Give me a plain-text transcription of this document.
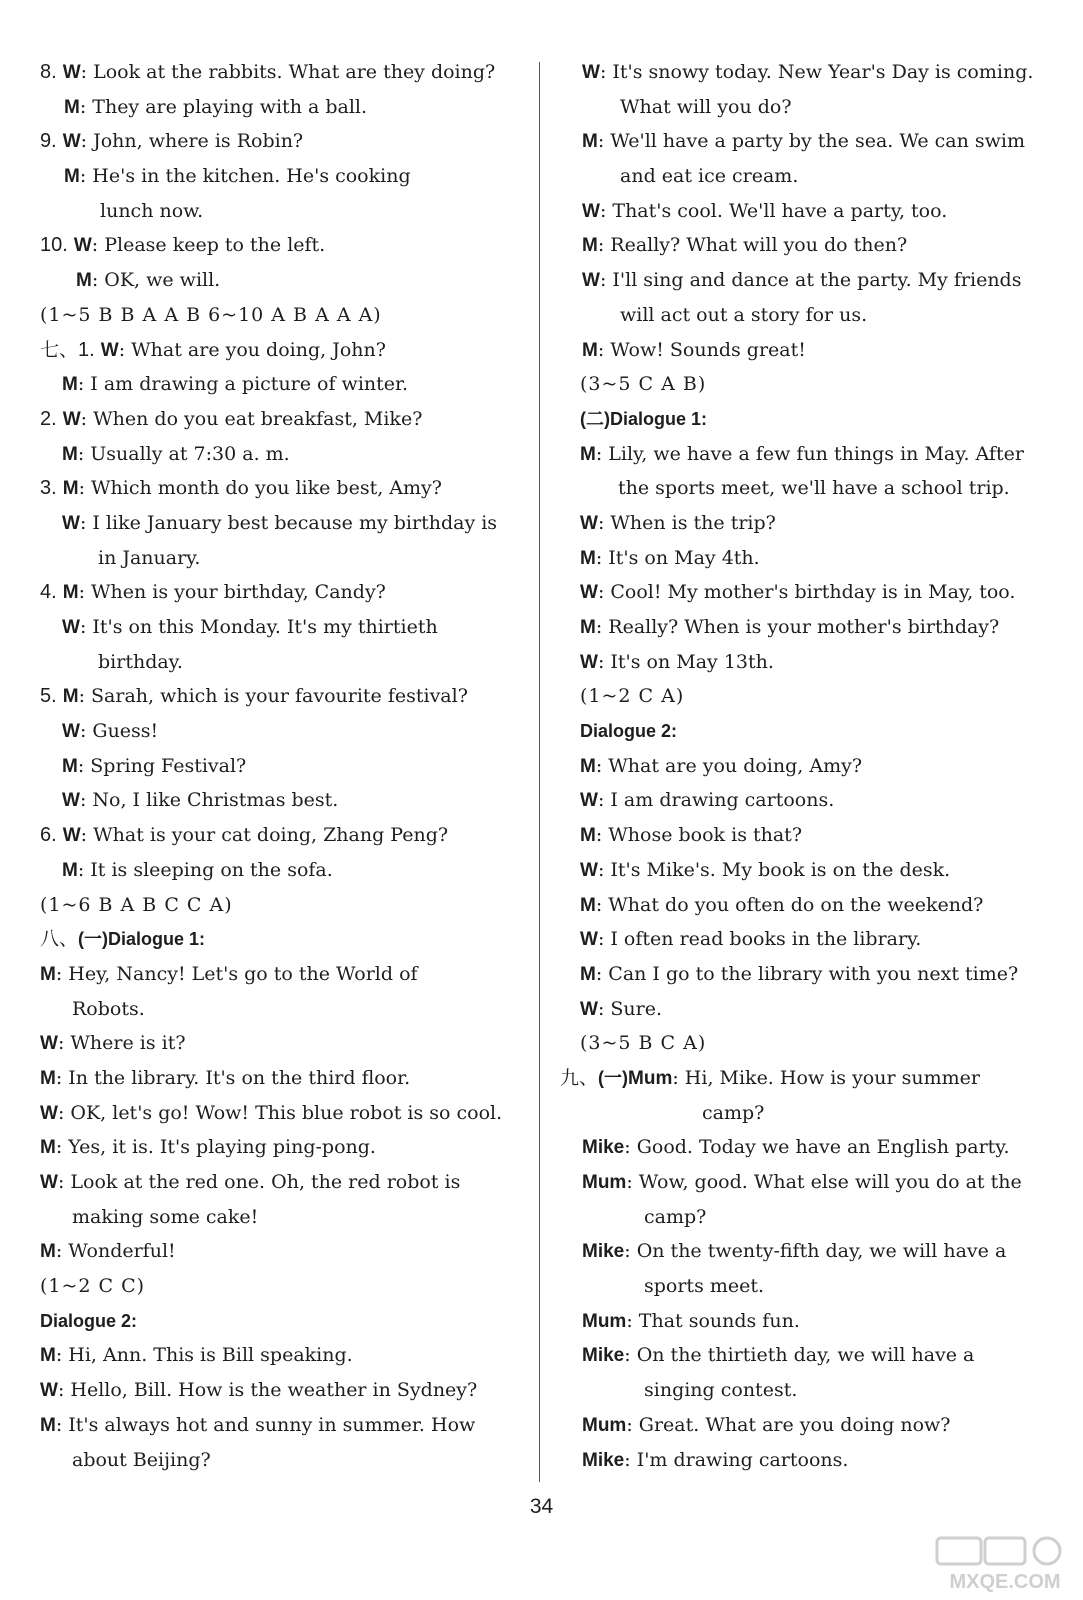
8. W: Look at the rabbits. What are they doing?
M: They are playing with a ball.
9. W: John, where is Robin?
M: He's in the kitchen. He's cooking
lunch now.
10. W: Please keep to the left.
M: OK, we will.
(1~5 B B A A B 6~10 A B A A A)
七、1. W: What are you doing, John?
M: I am drawing a picture of winter.
2. W: When do you eat breakfast, Mike?
M: Usually at 7:30 a. m.
3. M: Which month do you like best, Amy?
W: I like January best because my birthday is
in January.
4. M: When is your birthday, Candy?
W: It's on this Monday. It's my thirtieth
birthday.
5. M: Sarah, which is your favourite festival?
W: Guess!
M: Spring Festival?
W: No, I like Christmas best.
6. W: What is your cat doing, Zhang Peng?
M: It is sleeping on the sofa.
(1~6 B A B C C A)
八、(一)Dialogue 1:
M: Hey, Nancy! Let's go to the World of
Robots.
W: Where is it?
M: In the library. It's on the third floor.
W: OK, let's go! Wow! This blue robot is so cool.
M: Yes, it is. It's playing ping-pong.
W: Look at the red one. Oh, the red robot is
making some cake!
M: Wonderful!
(1~2 C C)
Dialogue 2:
M: Hi, Ann. This is Bill speaking.
W: Hello, Bill. How is the weather in Sydney?
M: It's always hot and sunny in summer. How
about Beijing?
W: It's snowy today. New Year's Day is coming.
What will you do?
M: We'll have a party by the sea. We can swim
and eat ice cream.
W: That's cool. We'll have a party, too.
M: Really? What will you do then?
W: I'll sing and dance at the party. My friends
will act out a story for us.
M: Wow! Sounds great!
(3~5 C A B)
(二)Dialogue 1:
M: Lily, we have a few fun things in May. After
the sports meet, we'll have a school trip.
W: When is the trip?
M: It's on May 4th.
W: Cool! My mother's birthday is in May, too.
M: Really? When is your mother's birthday?
W: It's on May 13th.
(1~2 C A)
Dialogue 2:
M: What are you doing, Amy?
W: I am drawing cartoons.
M: Whose book is that?
W: It's Mike's. My book is on the desk.
M: What do you often do on the weekend?
W: I often read books in the library.
M: Can I go to the library with you next time?
W: Sure.
(3~5 B C A)
九、(一)Mum: Hi, Mike. How is your summer
camp?
Mike: Good. Today we have an English party.
Mum: Wow, good. What else will you do at the
camp?
Mike: On the twenty-fifth day, we will have a
sports meet.
Mum: That sounds fun.
Mike: On the thirtieth day, we will have a
singing contest.
Mum: Great. What are you doing now?
Mike: I'm drawing cartoons.
34
MXQE.COM
